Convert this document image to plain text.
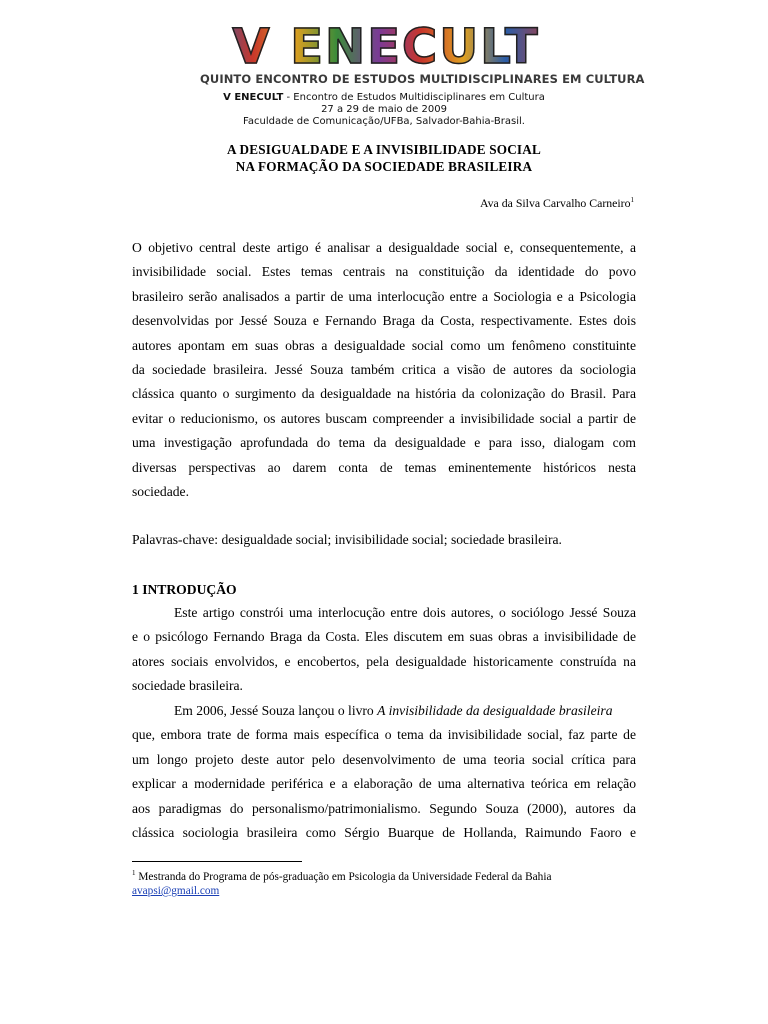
V ENECULT
QUINTO ENCONTRO DE ESTUDOS MULTIDISCIPLINARES EM CULTURA
V ENECULT - Encontro de Estudos Multidisciplinares em Cultura
27 a 29 de maio de 2009
Faculdade de Comunicação/UFBa, Salvador-Bahia-Brasil.
A DESIGUALDADE E A INVISIBILIDADE SOCIAL
NA FORMAÇÃO DA SOCIEDADE BRASILEIRA
Ava da Silva Carvalho Carneiro$^1$
O objetivo central deste artigo é analisar a desigualdade social e, consequentemente, a
invisibilidade social. Estes temas centrais na constituição da identidade do povo
brasileiro serão analisados a partir de uma interlocução entre a Sociologia e a Psicologia
desenvolvidas por Jessé Souza e Fernando Braga da Costa, respectivamente. Estes dois
autores apontam em suas obras a desigualdade social como um fenômeno constituinte
da sociedade brasileira. Jessé Souza também critica a visão de autores da sociologia
clássica quanto o surgimento da desigualdade na história da colonização do Brasil. Para
evitar o reducionismo, os autores buscam compreender a invisibilidade social a partir de
uma investigação aprofundada do tema da desigualdade e para isso, dialogam com
diversas perspectivas ao darem conta de temas eminentemente históricos nesta
sociedade.
Palavras-chave: desigualdade social; invisibilidade social; sociedade brasileira.
1 INTRODUÇÃO
Este artigo constrói uma interlocução entre dois autores, o sociólogo Jessé Souza
e o psicólogo Fernando Braga da Costa. Eles discutem em suas obras a invisibilidade de
atores sociais envolvidos, e encobertos, pela desigualdade historicamente construída na
sociedade brasileira.
Em 2006, Jessé Souza lançou o livro A invisibilidade da desigualdade brasileira
que, embora trate de forma mais específica o tema da invisibilidade social, faz parte de
um longo projeto deste autor pelo desenvolvimento de uma teoria social crítica para
explicar a modernidade periférica e a elaboração de uma alternativa teórica em relação
aos paradigmas do personalismo/patrimonialismo. Segundo Souza (2000), autores da
clássica sociologia brasileira como Sérgio Buarque de Hollanda, Raimundo Faoro e
$^1$ Mestranda do Programa de pós-graduação em Psicologia da Universidade Federal da Bahia
avapsi@gmail.com
